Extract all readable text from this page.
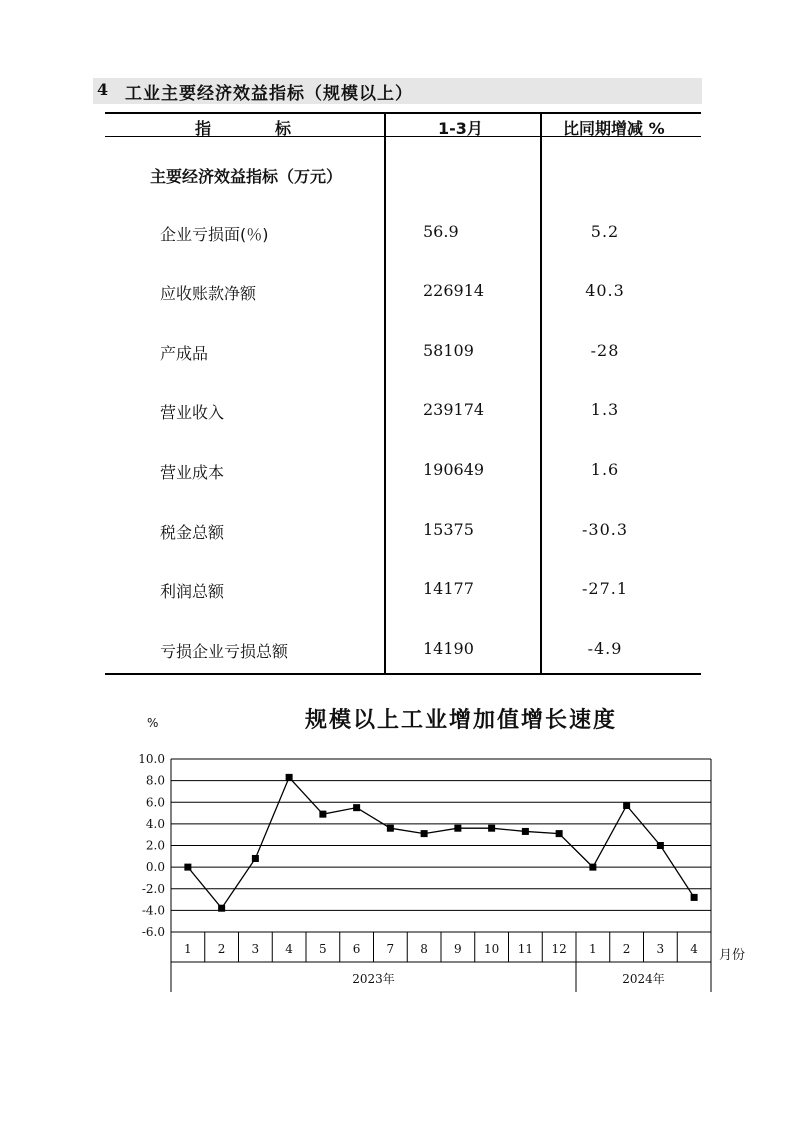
4 工业主要经济效益指标（规模以上）
指　　　　标	1-3月	比同期增减 %
主要经济效益指标（万元）
企业亏损面(％)	56.9	5.2
应收账款净额	226914	40.3
产成品	58109	-28
营业收入	239174	1.3
营业成本	190649	1.6
税金总额	15375	-30.3
利润总额	14177	-27.1
亏损企业亏损总额	14190	-4.9
规模以上工业增加值增长速度
%
10.0
8.0
6.0
4.0
2.0
0.0
-2.0
-4.0
-6.0
1 2 3 4 5 6 7 8 9 10 11 12 1 2 3 4
2023年	2024年
月份
